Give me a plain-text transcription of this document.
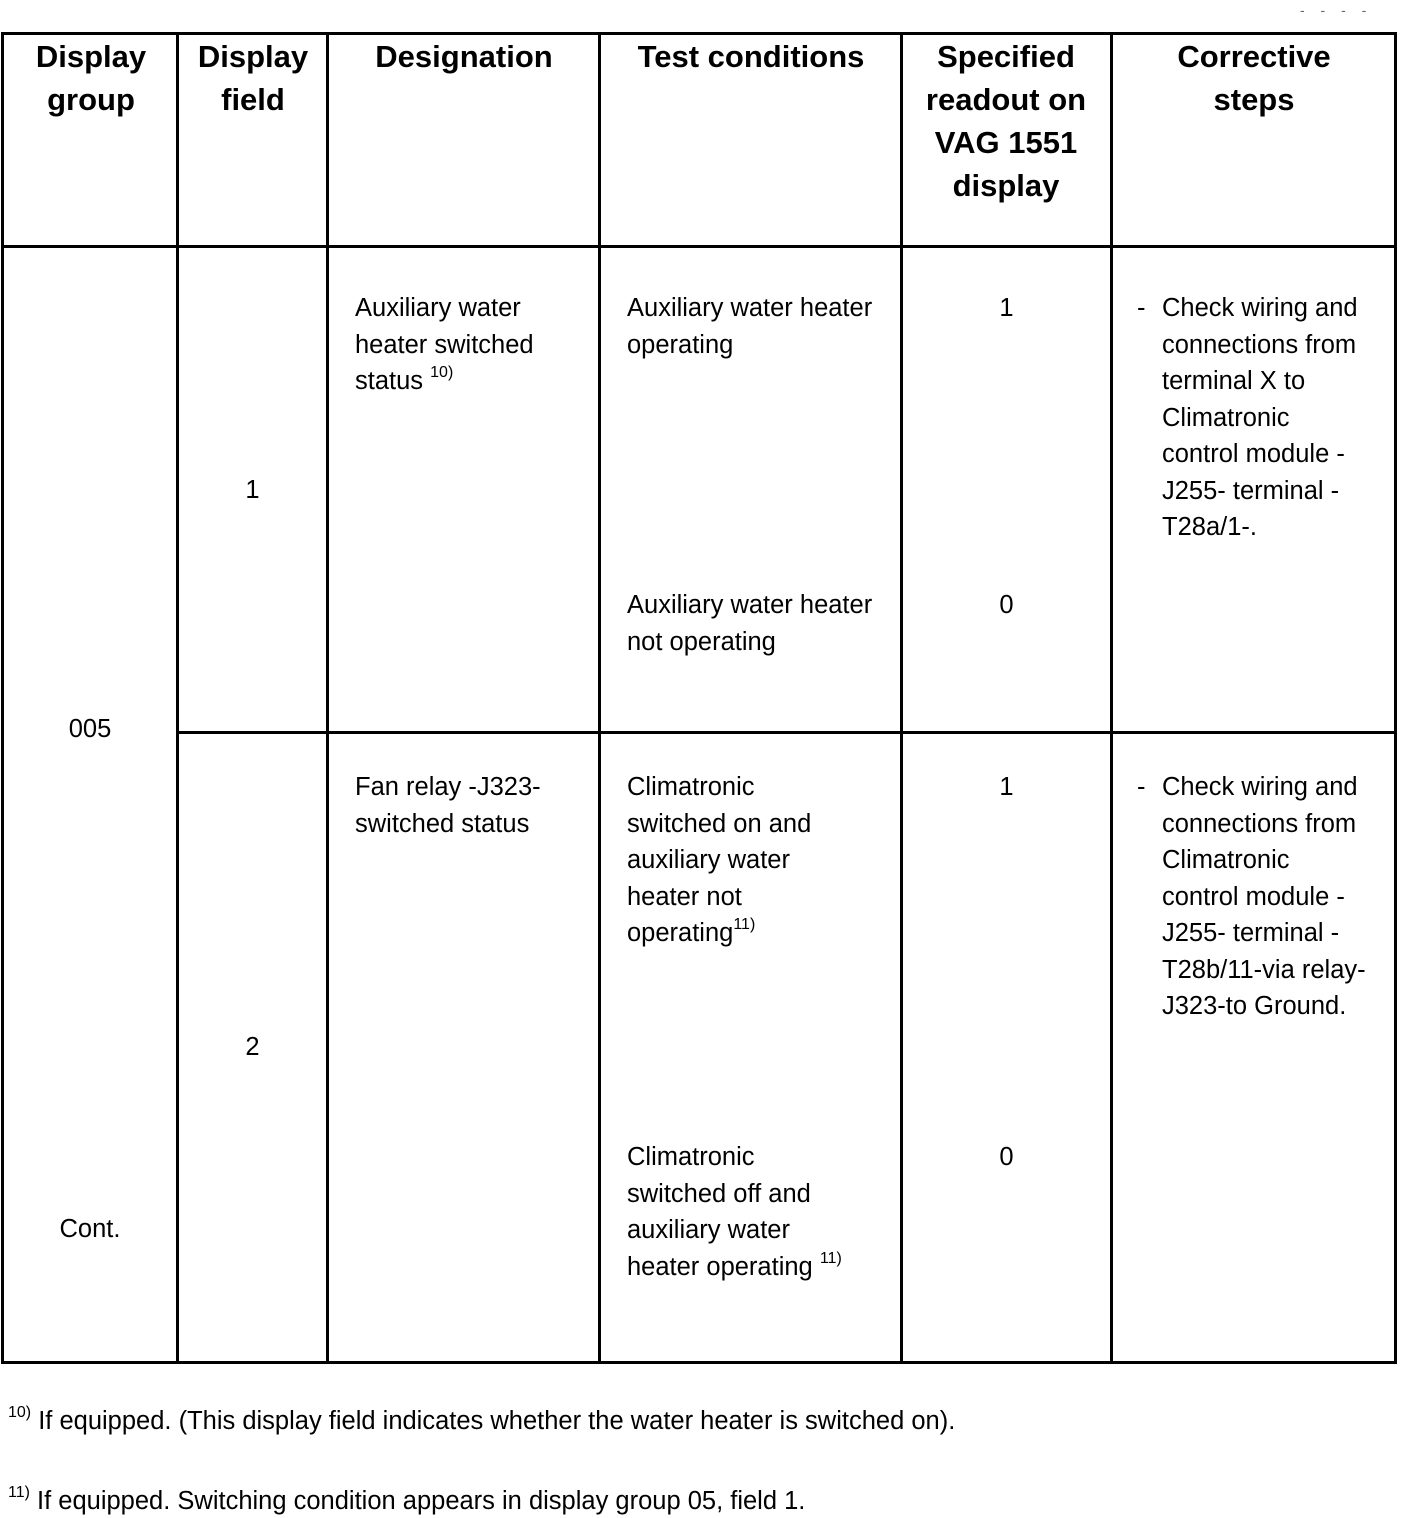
- - - -
Display group
Display field
Designation	Test conditions	Specified readout on VAG 1551 display
Corrective steps
005
Cont.
1
Auxiliary water heater switched status $^{10)}$
Auxiliary water heater operating
1
Auxiliary water heater not operating
0
- Check wiring and connections from terminal X to Climatronic control module -J255- terminal -T28a/1-.
2
Fan relay -J323- switched status
Climatronic switched on and auxiliary water heater not operating$^{11)}$
1
Climatronic switched off and auxiliary water heater operating $^{11)}$
0
- Check wiring and connections from Climatronic control module -J255- terminal -T28b/11-via relay-J323-to Ground.
$^{10)}$ If equipped. (This display field indicates whether the water heater is switched on).
$^{11)}$ If equipped. Switching condition appears in display group 05, field 1.
